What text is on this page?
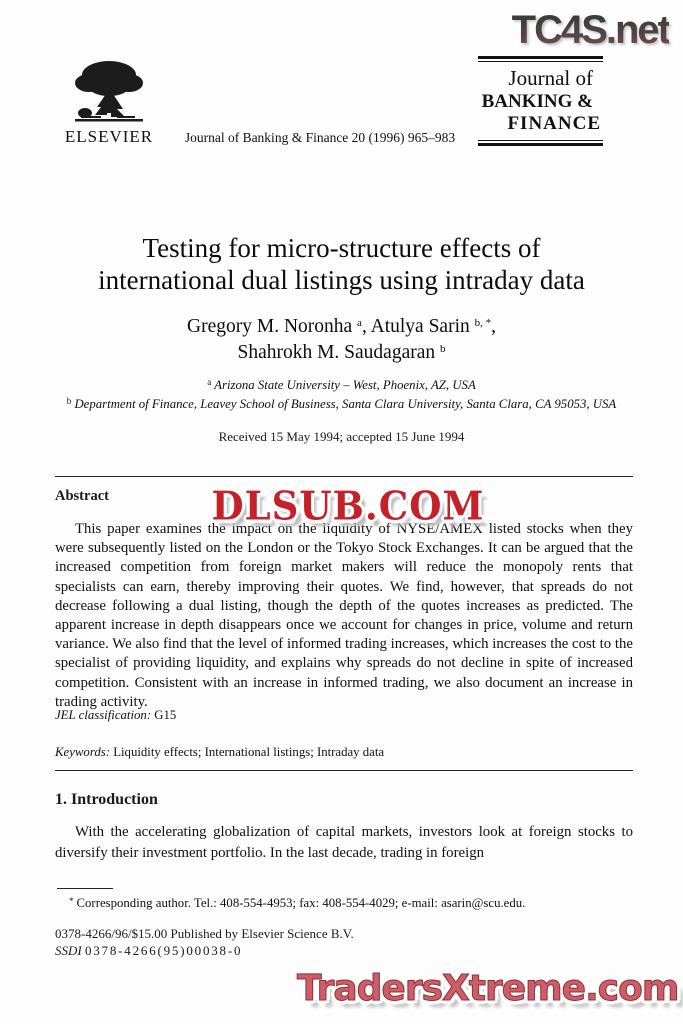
TC4S.net
DLSUB.COM
TradersXtreme.com
ELSEVIER	Journal of Banking & Finance 20 (1996) 965–983
Journal of
BANKING &
FINANCE
Testing for micro-structure effects of
international dual listings using intraday data
Gregory M. Noronha $^a$, Atulya Sarin $^{b, *}$,
Shahrokh M. Saudagaran $^b$
$^a$ Arizona State University – West, Phoenix, AZ, USA
$^b$ Department of Finance, Leavey School of Business, Santa Clara University, Santa Clara, CA 95053, USA
Received 15 May 1994; accepted 15 June 1994
Abstract
This paper examines the impact on the liquidity of NYSE/AMEX listed stocks when they were subsequently listed on the London or the Tokyo Stock Exchanges. It can be argued that the increased competition from foreign market makers will reduce the monopoly rents that specialists can earn, thereby improving their quotes. We find, however, that spreads do not decrease following a dual listing, though the depth of the quotes increases as predicted. The apparent increase in depth disappears once we account for changes in price, volume and return variance. We also find that the level of informed trading increases, which increases the cost to the specialist of providing liquidity, and explains why spreads do not decline in spite of increased competition. Consistent with an increase in informed trading, we also document an increase in trading activity.
JEL classification: G15
Keywords: Liquidity effects; International listings; Intraday data
1. Introduction
With the accelerating globalization of capital markets, investors look at foreign stocks to diversify their investment portfolio. In the last decade, trading in foreign
* Corresponding author. Tel.: 408-554-4953; fax: 408-554-4029; e-mail: asarin@scu.edu.
0378-4266/96/$15.00 Published by Elsevier Science B.V.
SSDI 0378-4266(95)00038-0
